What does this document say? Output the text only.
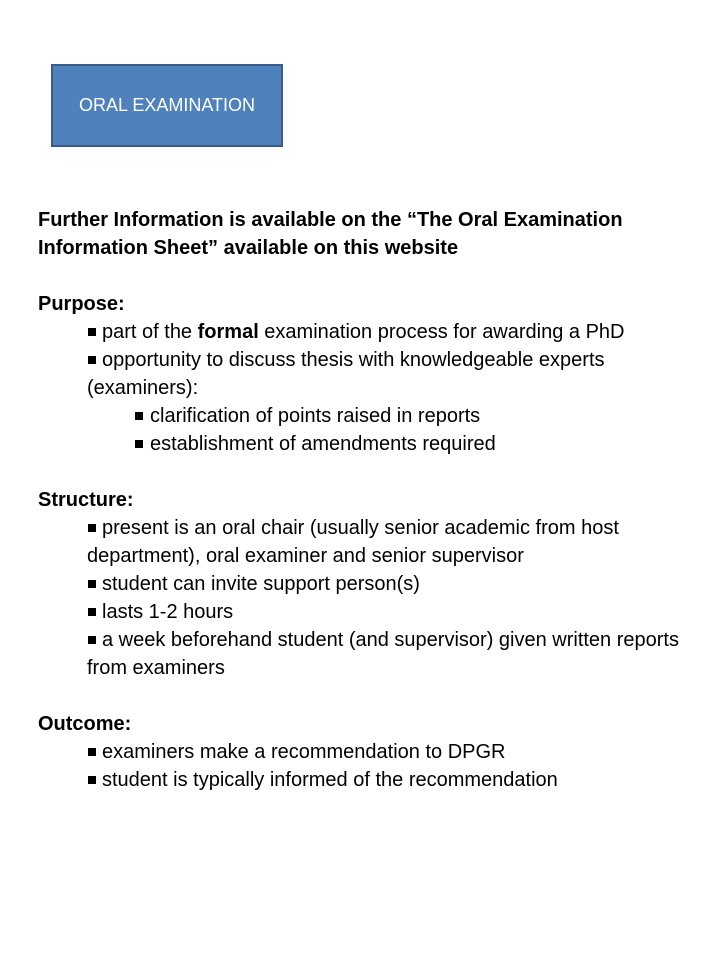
ORAL EXAMINATION

Further Information is available on the “The Oral Examination Information Sheet” available on this website

Purpose:
part of the formal examination process for awarding a PhD
opportunity to discuss thesis with knowledgeable experts (examiners):
clarification of points raised in reports
establishment of amendments required
Structure:
present is an oral chair (usually senior academic from host department), oral examiner and senior supervisor
student can invite support person(s)
lasts 1-2 hours
a week beforehand student (and supervisor) given written reports from examiners
Outcome:
examiners make a recommendation to DPGR
student is typically informed of the recommendation
